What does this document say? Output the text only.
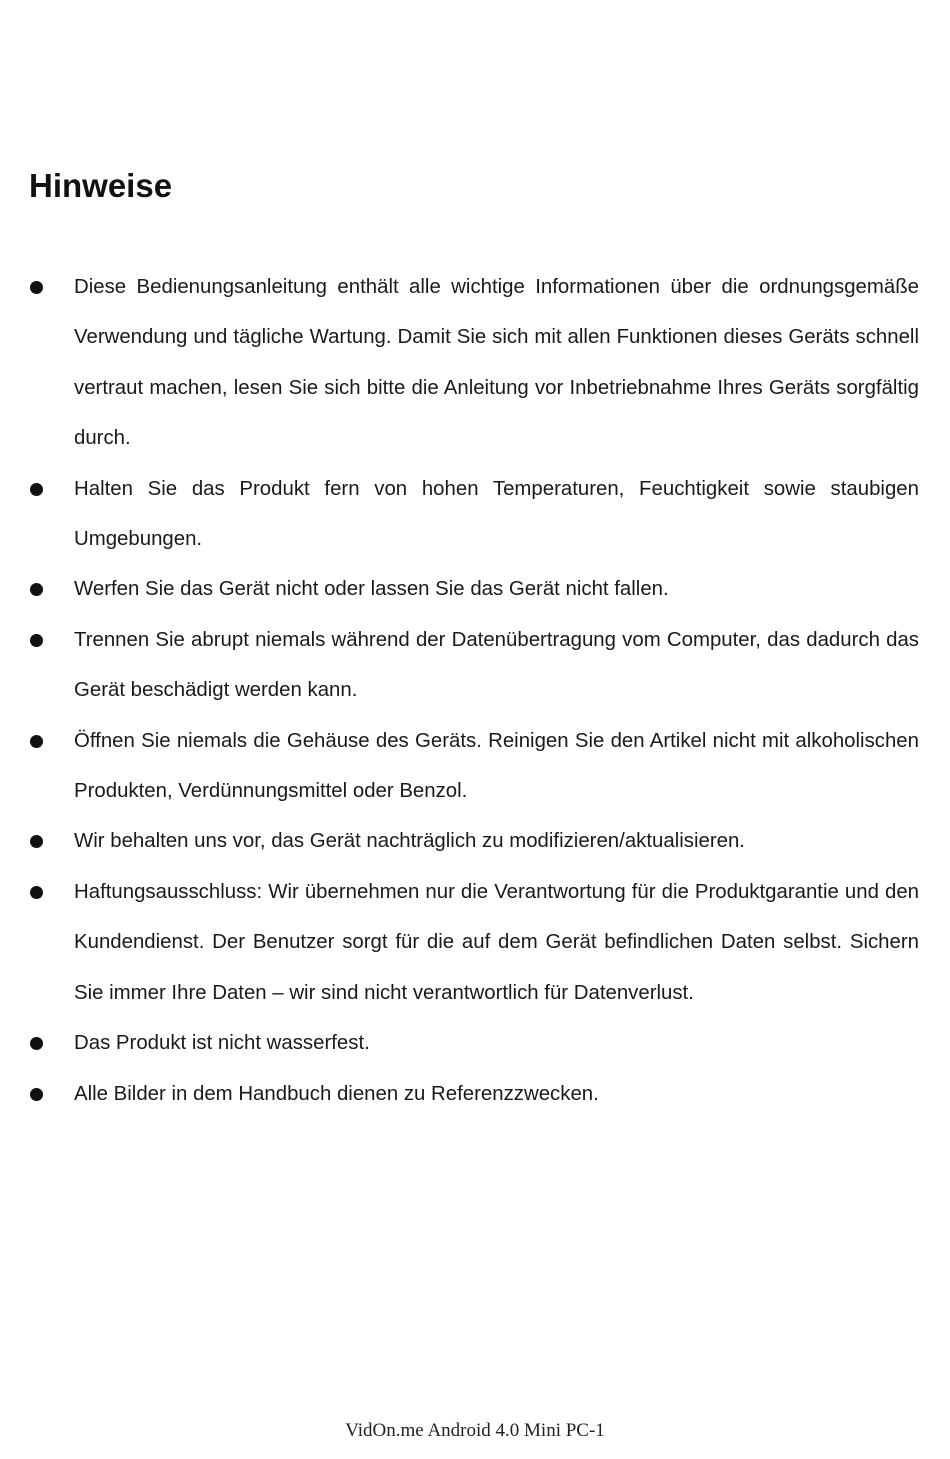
Hinweise
Diese Bedienungsanleitung enthält alle wichtige Informationen über die ordnungsgemäße Verwendung und tägliche Wartung. Damit Sie sich mit allen Funktionen dieses Geräts schnell vertraut machen, lesen Sie sich bitte die Anleitung vor Inbetriebnahme Ihres Geräts sorgfältig durch.
Halten Sie das Produkt fern von hohen Temperaturen, Feuchtigkeit sowie staubigen Umgebungen.
Werfen Sie das Gerät nicht oder lassen Sie das Gerät nicht fallen.
Trennen Sie abrupt niemals während der Datenübertragung vom Computer, das dadurch das Gerät beschädigt werden kann.
Öffnen Sie niemals die Gehäuse des Geräts. Reinigen Sie den Artikel nicht mit alkoholischen Produkten, Verdünnungsmittel oder Benzol.
Wir behalten uns vor, das Gerät nachträglich zu modifizieren/aktualisieren.
Haftungsausschluss: Wir übernehmen nur die Verantwortung für die Produktgarantie und den Kundendienst. Der Benutzer sorgt für die auf dem Gerät befindlichen Daten selbst. Sichern Sie immer Ihre Daten – wir sind nicht verantwortlich für Datenverlust.
Das Produkt ist nicht wasserfest.
Alle Bilder in dem Handbuch dienen zu Referenzzwecken.
VidOn.me Android 4.0 Mini PC-1
